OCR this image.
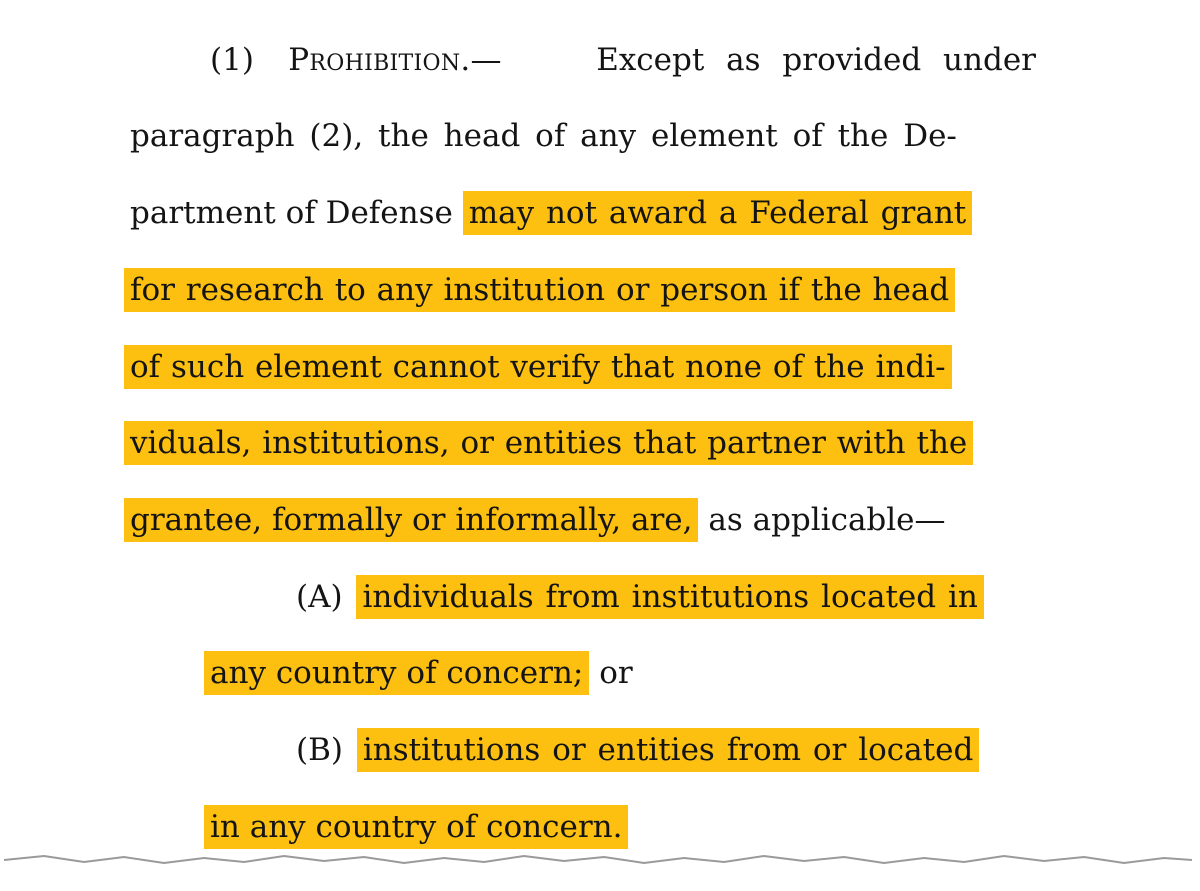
(1) Prohibition.—	Except as provided under
paragraph (2), the head of any element of the De-
partment of Defense may not award a Federal grant
for research to any institution or person if the head
of such element cannot verify that none of the indi-
viduals, institutions, or entities that partner with the
grantee, formally or informally, are, as applicable—
(A) individuals from institutions located in
any country of concern; or
(B) institutions or entities from or located
in any country of concern.
